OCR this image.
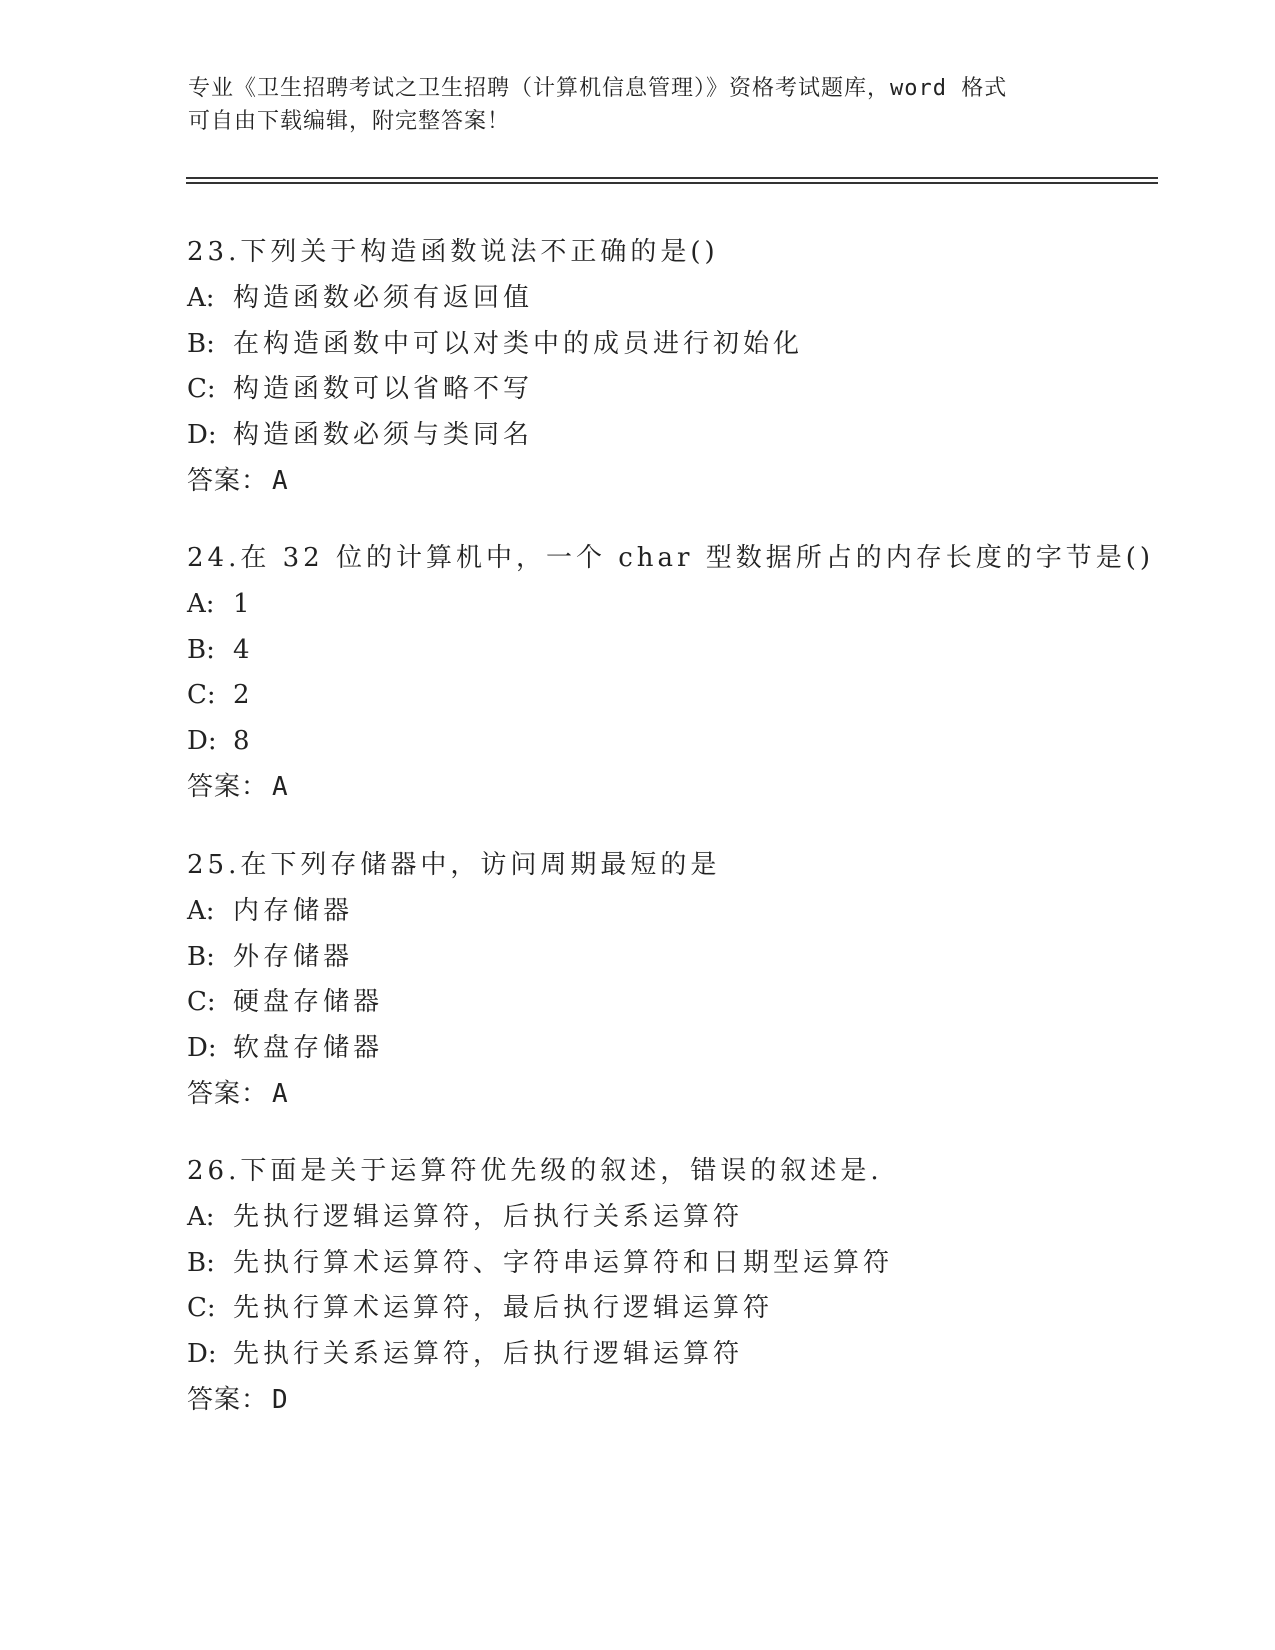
专业《卫生招聘考试之卫生招聘（计算机信息管理）》资格考试题库，word 格式
可自由下载编辑，附完整答案！
23.下列关于构造函数说法不正确的是()
A: 构造函数必须有返回值
B: 在构造函数中可以对类中的成员进行初始化
C: 构造函数可以省略不写
D: 构造函数必须与类同名
答案： A
24.在 32 位的计算机中，一个 char 型数据所占的内存长度的字节是()
A: 1
B: 4
C: 2
D: 8
答案： A
25.在下列存储器中，访问周期最短的是
A: 内存储器
B: 外存储器
C: 硬盘存储器
D: 软盘存储器
答案： A
26.下面是关于运算符优先级的叙述，错误的叙述是.
A: 先执行逻辑运算符，后执行关系运算符
B: 先执行算术运算符、字符串运算符和日期型运算符
C: 先执行算术运算符，最后执行逻辑运算符
D: 先执行关系运算符，后执行逻辑运算符
答案： D
